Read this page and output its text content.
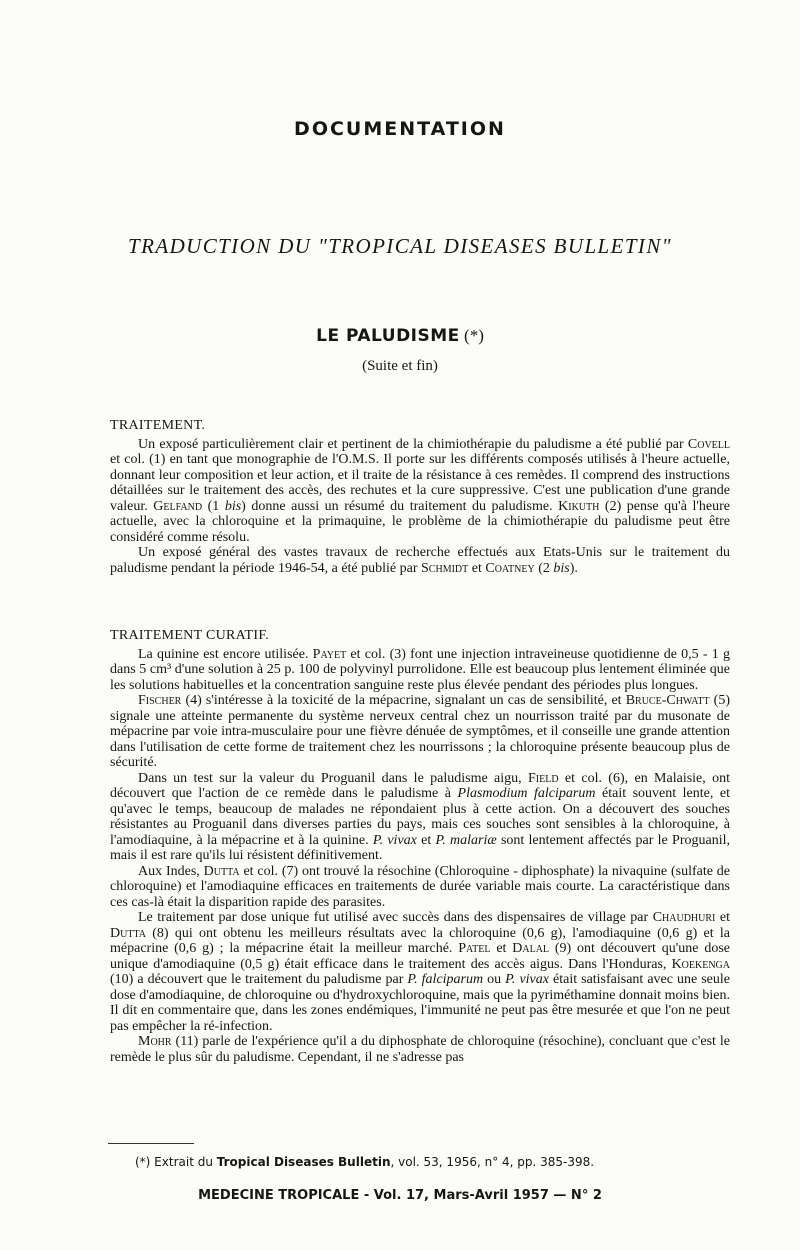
DOCUMENTATION
TRADUCTION DU "TROPICAL DISEASES BULLETIN"
LE PALUDISME (*)
(Suite et fin)
TRAITEMENT.

Un exposé particulièrement clair et pertinent de la chimiothérapie du paludisme a été publié par Covell et col. (1) en tant que monographie de l'O.M.S. Il porte sur les différents composés utilisés à l'heure actuelle, donnant leur composition et leur action, et il traite de la résistance à ces remèdes. Il comprend des instructions détaillées sur le traitement des accès, des rechutes et la cure suppressive. C'est une publication d'une grande valeur. Gelfand (1 bis) donne aussi un résumé du traitement du paludisme. Kikuth (2) pense qu'à l'heure actuelle, avec la chloroquine et la primaquine, le problème de la chimiothérapie du paludisme peut être considéré comme résolu.

Un exposé général des vastes travaux de recherche effectués aux Etats-Unis sur le traitement du paludisme pendant la période 1946-54, a été publié par Schmidt et Coatney (2 bis).

TRAITEMENT CURATIF.

La quinine est encore utilisée. Payet et col. (3) font une injection intraveineuse quotidienne de 0,5 - 1 g dans 5 cm³ d'une solution à 25 p. 100 de polyvinyl purrolidone. Elle est beaucoup plus lentement éliminée que les solutions habituelles et la concentration sanguine reste plus élevée pendant des périodes plus longues.

Fischer (4) s'intéresse à la toxicité de la mépacrine, signalant un cas de sensibilité, et Bruce-Chwatt (5) signale une atteinte permanente du système nerveux central chez un nourrisson traité par du musonate de mépacrine par voie intra-musculaire pour une fièvre dénuée de symptômes, et il conseille une grande attention dans l'utilisation de cette forme de traitement chez les nourrissons ; la chloroquine présente beaucoup plus de sécurité.

Dans un test sur la valeur du Proguanil dans le paludisme aigu, Field et col. (6), en Malaisie, ont découvert que l'action de ce remède dans le paludisme à Plasmodium falciparum était souvent lente, et qu'avec le temps, beaucoup de malades ne répondaient plus à cette action. On a découvert des souches résistantes au Proguanil dans diverses parties du pays, mais ces souches sont sensibles à la chloroquine, à l'amodiaquine, à la mépacrine et à la quinine. P. vivax et P. malariæ sont lentement affectés par le Proguanil, mais il est rare qu'ils lui résistent définitivement.

Aux Indes, Dutta et col. (7) ont trouvé la résochine (Chloroquine - diphosphate) la nivaquine (sulfate de chloroquine) et l'amodiaquine efficaces en traitements de durée variable mais courte. La caractéristique dans ces cas-là était la disparition rapide des parasites.

Le traitement par dose unique fut utilisé avec succès dans des dispensaires de village par Chaudhuri et Dutta (8) qui ont obtenu les meilleurs résultats avec la chloroquine (0,6 g), l'amodiaquine (0,6 g) et la mépacrine (0,6 g) ; la mépacrine était la meilleur marché. Patel et Dalal (9) ont découvert qu'une dose unique d'amodiaquine (0,5 g) était efficace dans le traitement des accès aigus. Dans l'Honduras, Koekenga (10) a découvert que le traitement du paludisme par P. falciparum ou P. vivax était satisfaisant avec une seule dose d'amodiaquine, de chloroquine ou d'hydroxychloroquine, mais que la pyriméthamine donnait moins bien. Il dit en commentaire que, dans les zones endémiques, l'immunité ne peut pas être mesurée et que l'on ne peut pas empêcher la ré-infection.

Mohr (11) parle de l'expérience qu'il a du diphosphate de chloroquine (résochine), concluant que c'est le remède le plus sûr du paludisme. Cependant, il ne s'adresse pas

(*) Extrait du Tropical Diseases Bulletin, vol. 53, 1956, n° 4, pp. 385-398.
MEDECINE TROPICALE - Vol. 17, Mars-Avril 1957 — N° 2
